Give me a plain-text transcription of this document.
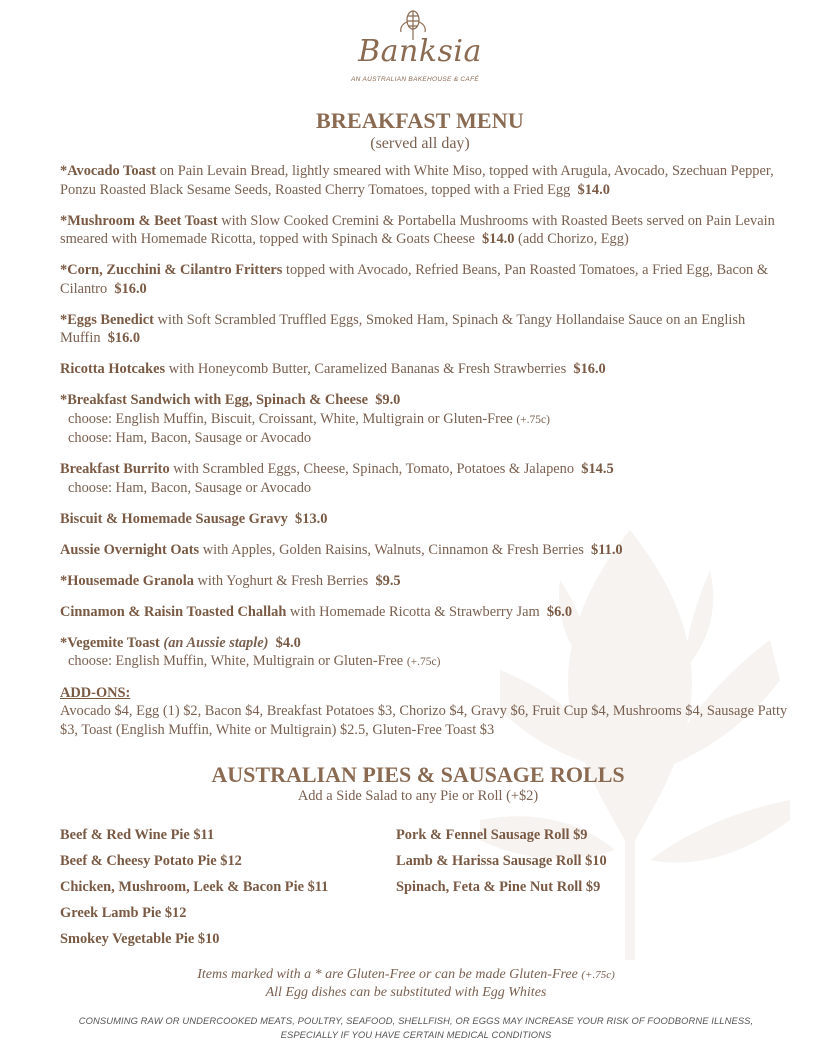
Banksia
AN AUSTRALIAN BAKEHOUSE & CAFÉ
BREAKFAST MENU
(served all day)

*Avocado Toast on Pain Levain Bread, lightly smeared with White Miso, topped with Arugula, Avocado, Szechuan Pepper, Ponzu Roasted Black Sesame Seeds, Roasted Cherry Tomatoes, topped with a Fried Egg $14.0

*Mushroom & Beet Toast with Slow Cooked Cremini & Portabella Mushrooms with Roasted Beets served on Pain Levain smeared with Homemade Ricotta, topped with Spinach & Goats Cheese $14.0 (add Chorizo, Egg)

*Corn, Zucchini & Cilantro Fritters topped with Avocado, Refried Beans, Pan Roasted Tomatoes, a Fried Egg, Bacon & Cilantro $16.0

*Eggs Benedict with Soft Scrambled Truffled Eggs, Smoked Ham, Spinach & Tangy Hollandaise Sauce on an English Muffin $16.0

Ricotta Hotcakes with Honeycomb Butter, Caramelized Bananas & Fresh Strawberries $16.0

*Breakfast Sandwich with Egg, Spinach & Cheese $9.0
choose: English Muffin, Biscuit, Croissant, White, Multigrain or Gluten-Free (+.75c)
choose: Ham, Bacon, Sausage or Avocado

Breakfast Burrito with Scrambled Eggs, Cheese, Spinach, Tomato, Potatoes & Jalapeno $14.5
choose: Ham, Bacon, Sausage or Avocado

Biscuit & Homemade Sausage Gravy $13.0

Aussie Overnight Oats with Apples, Golden Raisins, Walnuts, Cinnamon & Fresh Berries $11.0

*Housemade Granola with Yoghurt & Fresh Berries $9.5

Cinnamon & Raisin Toasted Challah with Homemade Ricotta & Strawberry Jam $6.0

*Vegemite Toast (an Aussie staple) $4.0
choose: English Muffin, White, Multigrain or Gluten-Free (+.75c)

ADD-ONS:
Avocado $4, Egg (1) $2, Bacon $4, Breakfast Potatoes $3, Chorizo $4, Gravy $6, Fruit Cup $4, Mushrooms $4, Sausage Patty $3, Toast (English Muffin, White or Multigrain) $2.5, Gluten-Free Toast $3
AUSTRALIAN PIES & SAUSAGE ROLLS
Add a Side Salad to any Pie or Roll (+$2)
Beef & Red Wine Pie $11
Beef & Cheesy Potato Pie $12
Chicken, Mushroom, Leek & Bacon Pie $11
Greek Lamb Pie $12
Smokey Vegetable Pie $10
Pork & Fennel Sausage Roll $9
Lamb & Harissa Sausage Roll $10
Spinach, Feta & Pine Nut Roll $9
Items marked with a * are Gluten-Free or can be made Gluten-Free (+.75c)
All Egg dishes can be substituted with Egg Whites
CONSUMING RAW OR UNDERCOOKED MEATS, POULTRY, SEAFOOD, SHELLFISH, OR EGGS MAY INCREASE YOUR RISK OF FOODBORNE ILLNESS,
ESPECIALLY IF YOU HAVE CERTAIN MEDICAL CONDITIONS
